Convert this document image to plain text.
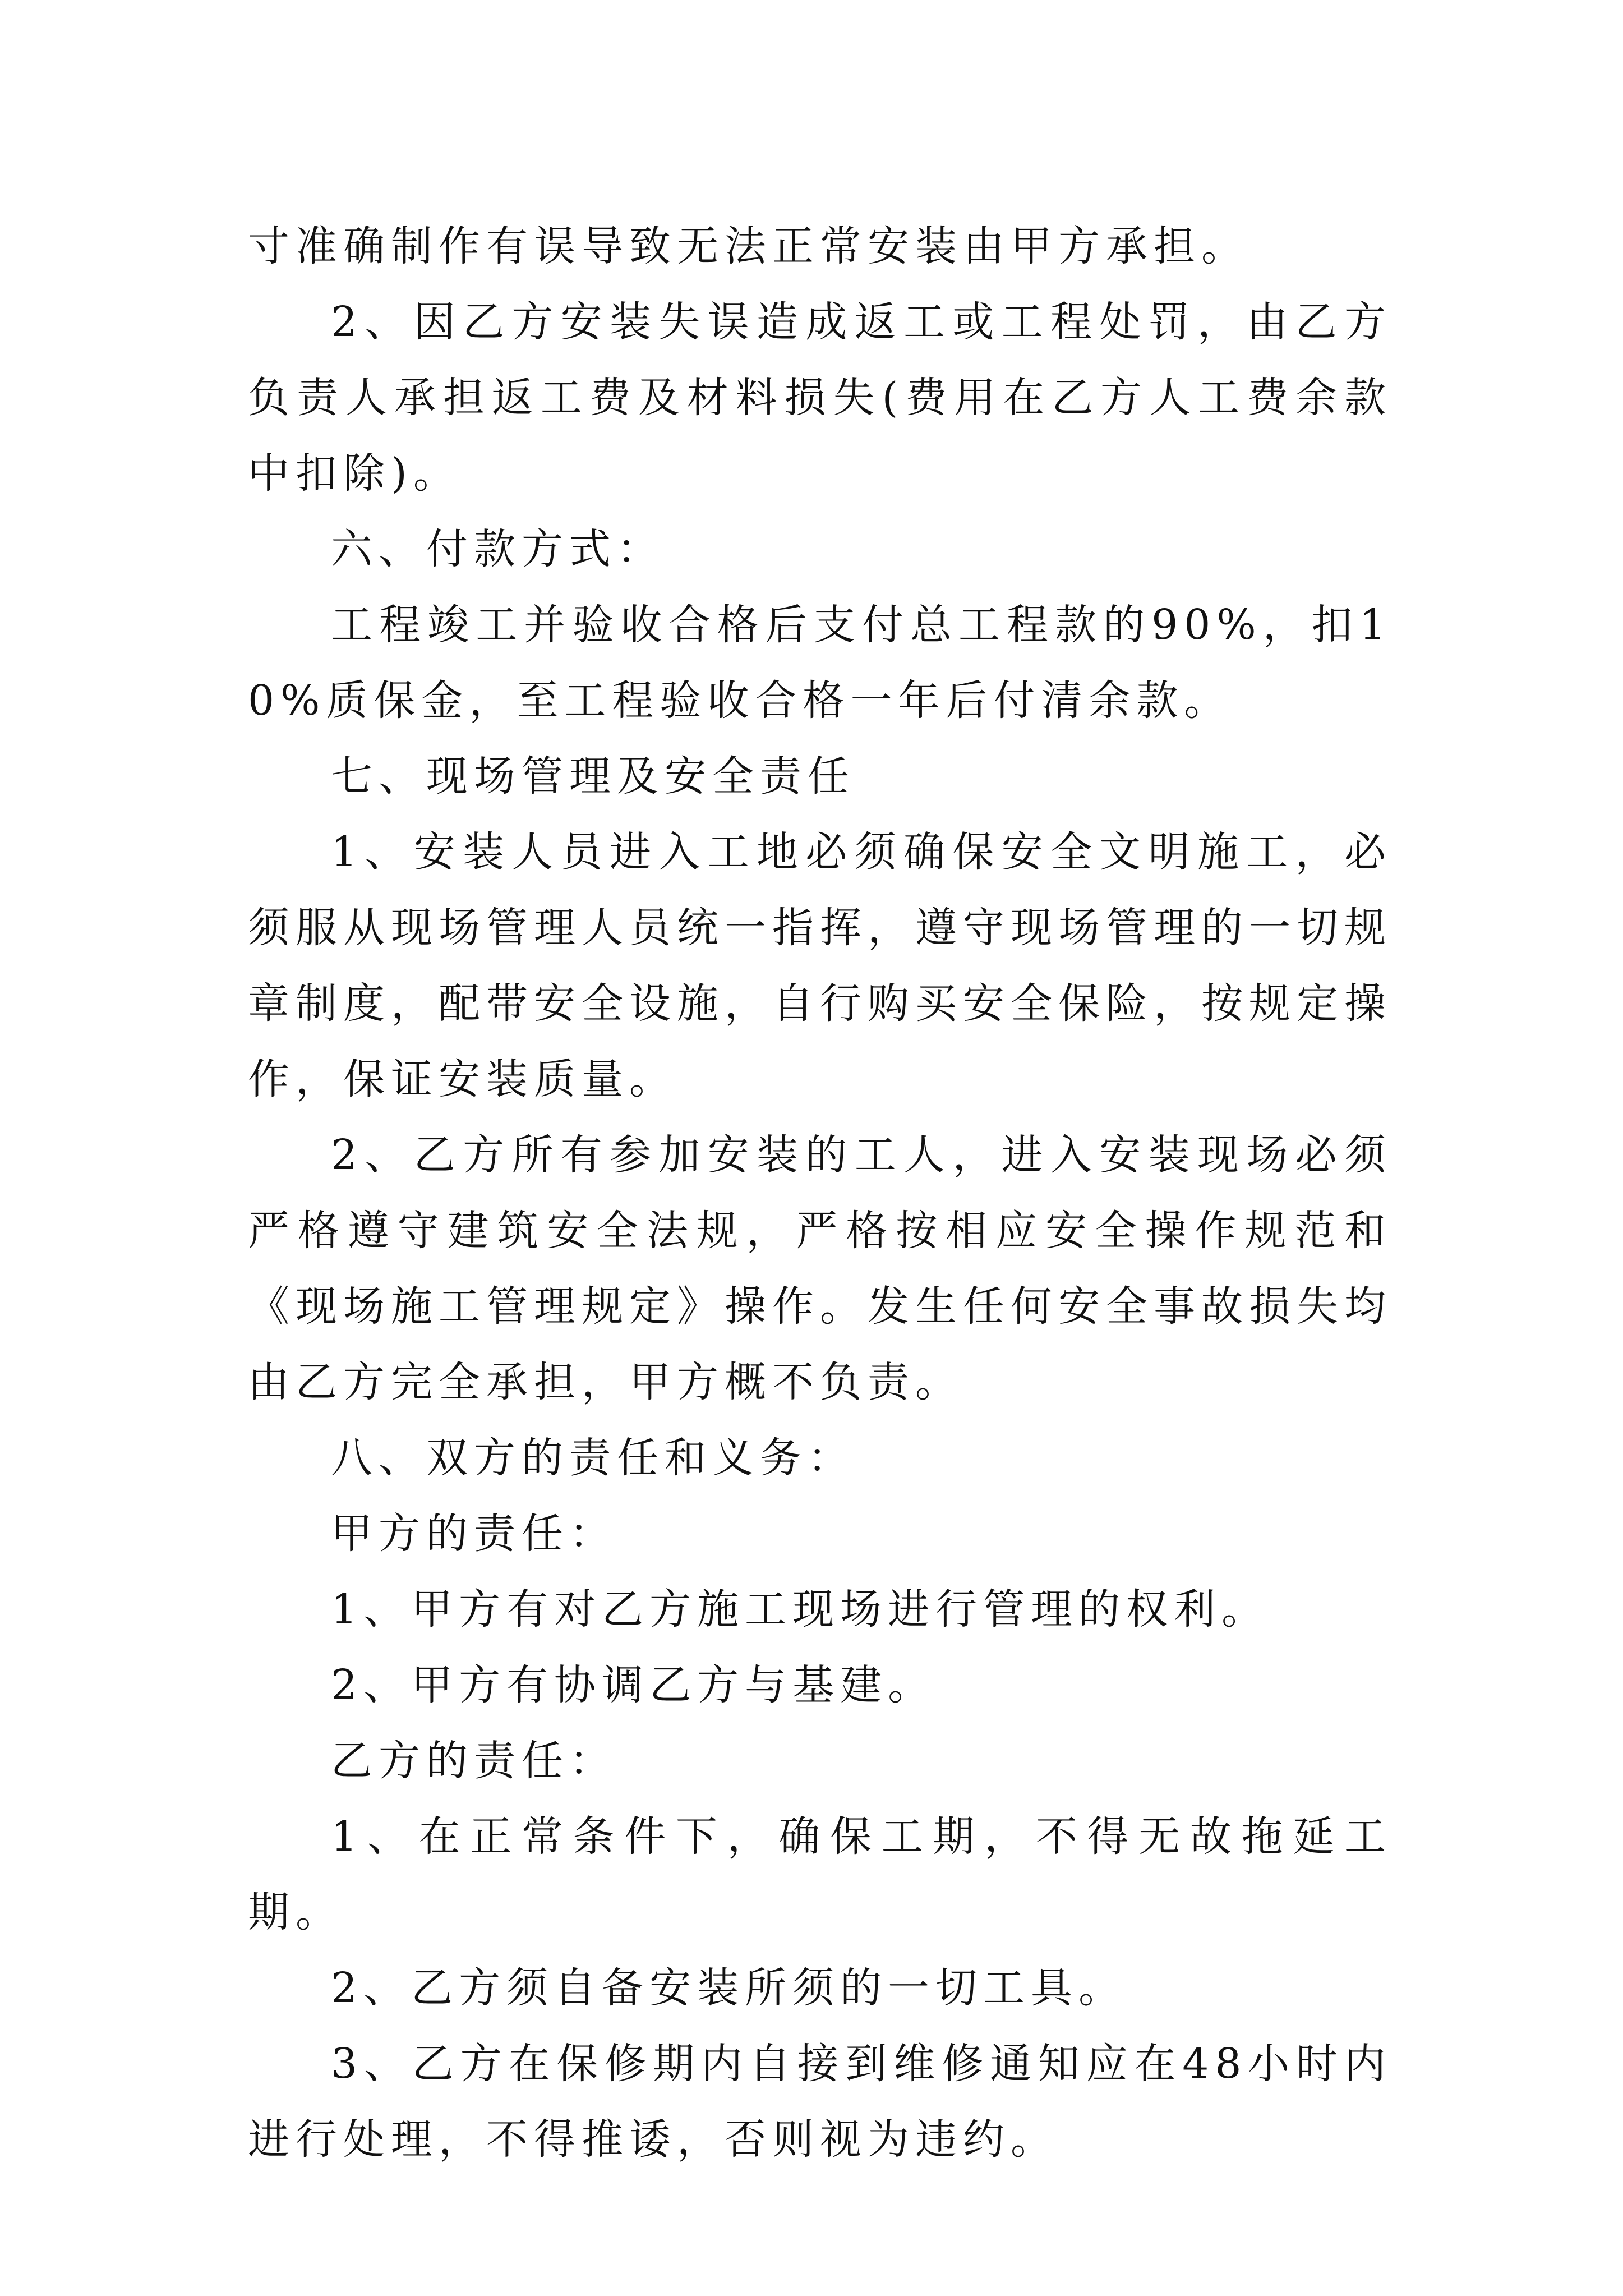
寸准确制作有误导致无法正常安装由甲方承担。

2、因乙方安装失误造成返工或工程处罚，由乙方负责人承担返工费及材料损失(费用在乙方人工费余款中扣除)。

六、付款方式：

工程竣工并验收合格后支付总工程款的90%，扣10%质保金，至工程验收合格一年后付清余款。

七、现场管理及安全责任

1、安装人员进入工地必须确保安全文明施工，必须服从现场管理人员统一指挥，遵守现场管理的一切规章制度，配带安全设施，自行购买安全保险，按规定操作，保证安装质量。

2、乙方所有参加安装的工人，进入安装现场必须严格遵守建筑安全法规，严格按相应安全操作规范和《现场施工管理规定》操作。发生任何安全事故损失均由乙方完全承担，甲方概不负责。

八、双方的责任和义务：

甲方的责任：

1、甲方有对乙方施工现场进行管理的权利。

2、甲方有协调乙方与基建。

乙方的责任：

1、在正常条件下，确保工期，不得无故拖延工期。

2、乙方须自备安装所须的一切工具。

3、乙方在保修期内自接到维修通知应在48小时内进行处理，不得推诿，否则视为违约。
